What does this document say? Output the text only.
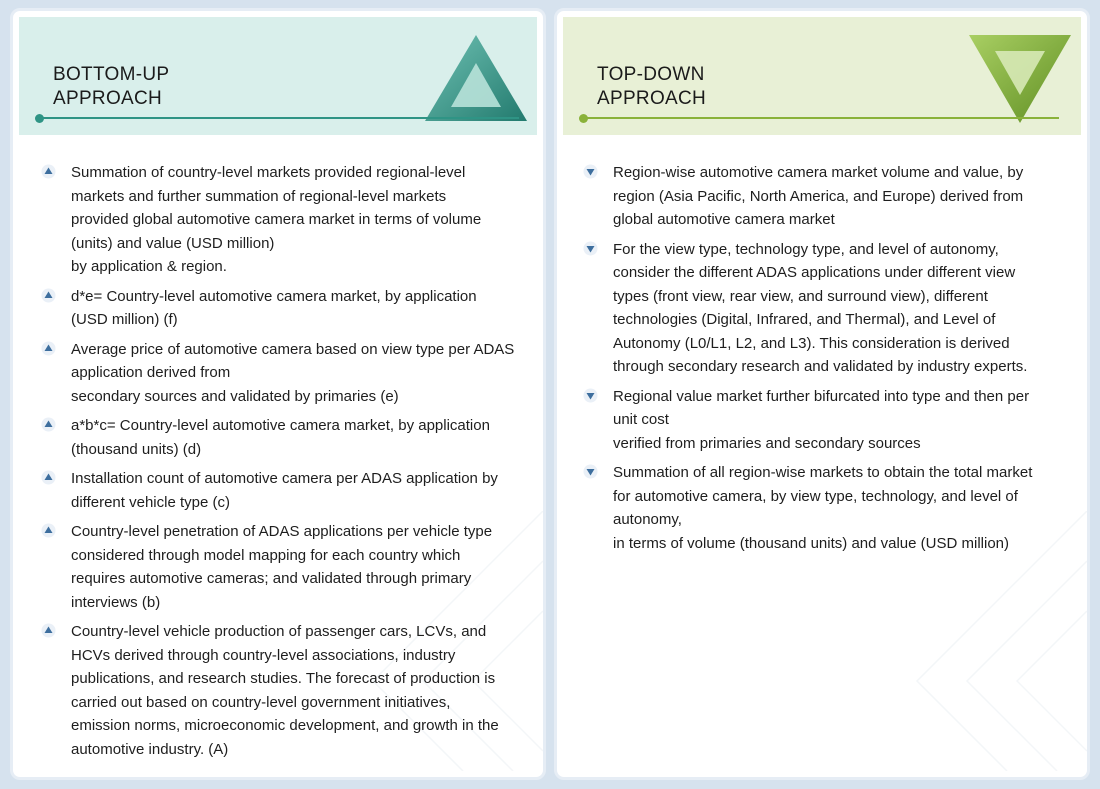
BOTTOM-UP
APPROACH
Summation of country-level markets provided regional-level
markets and further summation of regional-level markets
provided global automotive camera market in terms of volume
(units) and value (USD million)
by application & region.
d*e= Country-level automotive camera market, by application
(USD million) (f)
Average price of automotive camera based on view type per ADAS
application derived from
secondary sources and validated by primaries (e)
a*b*c= Country-level automotive camera market, by application
(thousand units) (d)
Installation count of automotive camera per ADAS application by
different vehicle type (c)
Country-level penetration of ADAS applications per vehicle type
considered through model mapping for each country which
requires automotive cameras; and validated through primary
interviews (b)
Country-level vehicle production of passenger cars, LCVs, and
HCVs derived through country-level associations, industry
publications, and research studies. The forecast of production is
carried out based on country-level government initiatives,
emission norms, microeconomic development, and growth in the
automotive industry. (A)
TOP-DOWN
APPROACH
Region-wise automotive camera market volume and value, by
region (Asia Pacific, North America, and Europe) derived from
global automotive camera market
For the view type, technology type, and level of autonomy,
consider the different ADAS applications under different view
types (front view, rear view, and surround view), different
technologies (Digital, Infrared, and Thermal), and Level of
Autonomy (L0/L1, L2, and L3). This consideration is derived
through secondary research and validated by industry experts.
Regional value market further bifurcated into type and then per
unit cost
verified from primaries and secondary sources
Summation of all region-wise markets to obtain the total market
for automotive camera, by view type, technology, and level of
autonomy,
in terms of volume (thousand units) and value (USD million)
